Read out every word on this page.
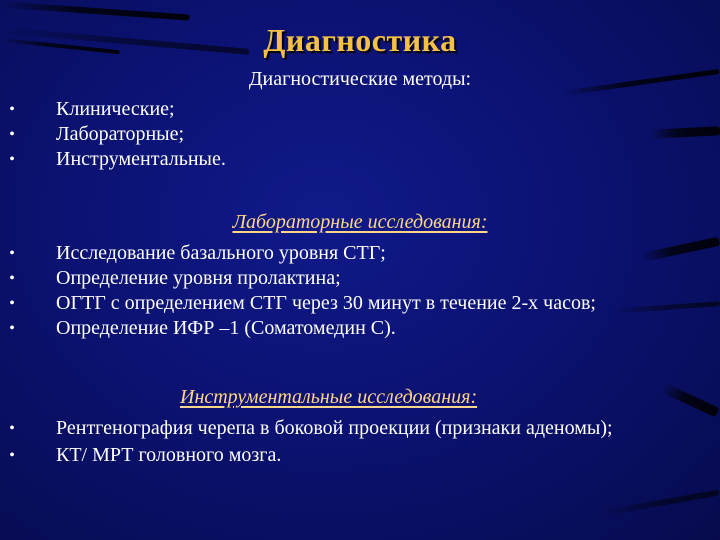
Диагностика
Диагностические методы:
• Клинические;
• Лабораторные;
• Инструментальные.
Лабораторные исследования:
• Исследование базального уровня СТГ;
• Определение уровня пролактина;
• ОГТГ с определением СТГ через 30 минут в течение 2-х часов;
• Определение ИФР –1 (Соматомедин С).
Инструментальные исследования:
• Рентгенография черепа в боковой проекции (признаки аденомы);
• КТ/ МРТ головного мозга.
